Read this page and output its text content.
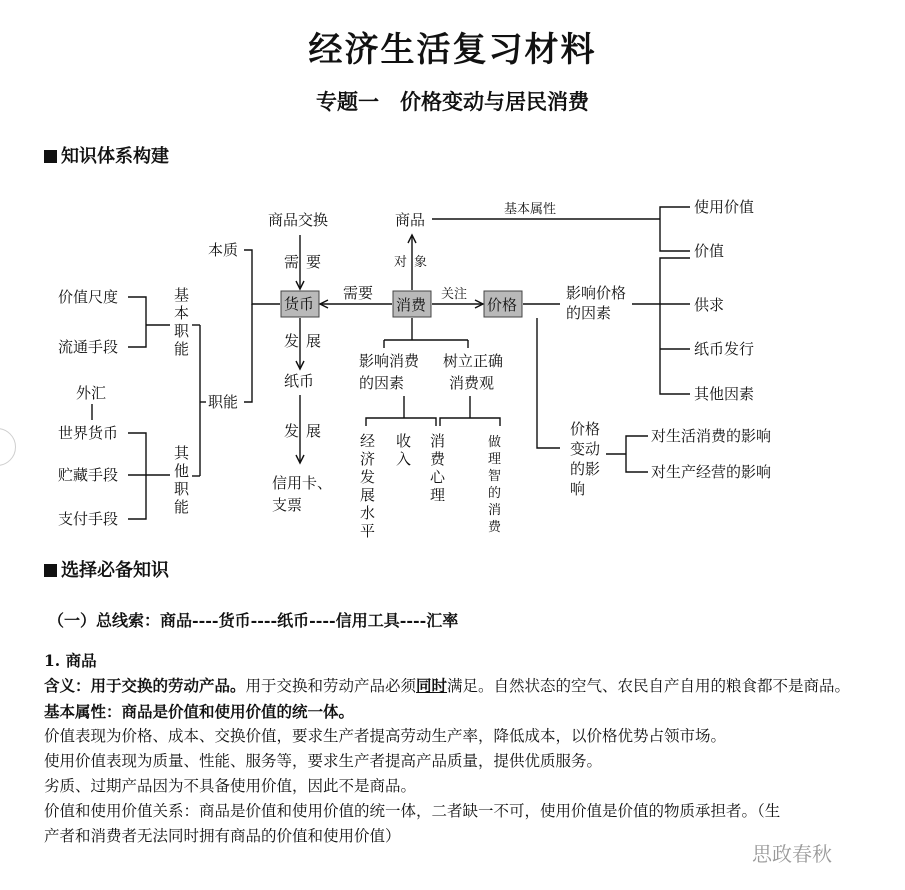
经济生活复习材料
专题一　价格变动与居民消费
知识体系构建
商品交换
需 要
货币
发 展
纸币
发 展
信用卡、
支票
本质
职能
基
本
职
能
价值尺度
流通手段
其
他
职
能
外汇
世界货币
贮藏手段
支付手段
需要
消费
商品
对 象
基本属性	使用价值
价值
关注
价格
影响价格
的因素	供求
纸币发行
其他因素
价格
变动
的影
响
对生活消费的影响
对生产经营的影响
影响消费
的因素
树立正确
消费观
经
济
发
展
水
平
收
入
消
费
心
理
做
理
智
的
消
费
选择必备知识
（一）总线索：商品----货币----纸币----信用工具----汇率

1. 商品

含义：用于交换的劳动产品。用于交换和劳动产品必须同时满足。自然状态的空气、农民自产自用的粮食都不是商品。

基本属性：商品是价值和使用价值的统一体。

价值表现为价格、成本、交换价值，要求生产者提高劳动生产率，降低成本，以价格优势占领市场。

使用价值表现为质量、性能、服务等，要求生产者提高产品质量，提供优质服务。

劣质、过期产品因为不具备使用价值，因此不是商品。

价值和使用价值关系：商品是价值和使用价值的统一体，二者缺一不可，使用价值是价值的物质承担者。（生

产者和消费者无法同时拥有商品的价值和使用价值）

思政春秋
